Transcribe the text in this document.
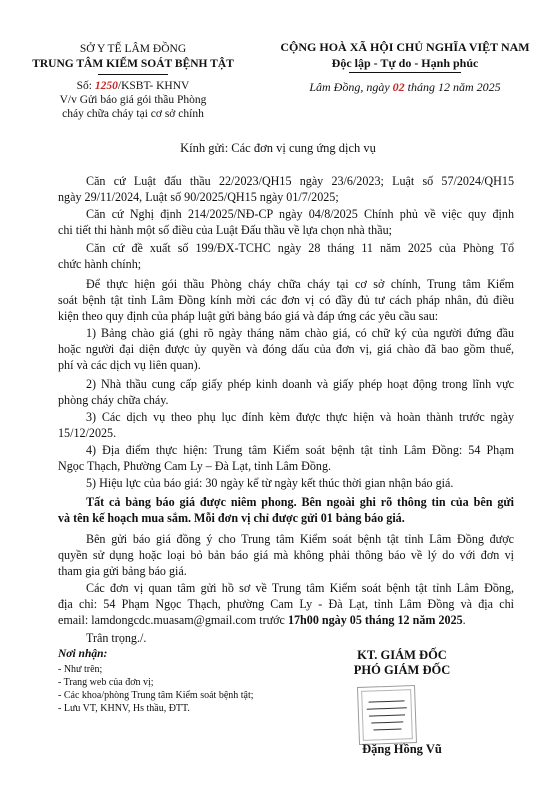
SỞ Y TẾ LÂM ĐỒNG
TRUNG TÂM KIỂM SOÁT BỆNH TẬT
Số: 1250/KSBT- KHNV
V/v Gửi báo giá gói thầu Phòng
cháy chữa cháy tại cơ sở chính
CỘNG HOÀ XÃ HỘI CHỦ NGHĨA VIỆT NAM
Độc lập - Tự do - Hạnh phúc
Lâm Đồng, ngày 02 tháng 12 năm 2025
Kính gửi: Các đơn vị cung ứng dịch vụ
Căn cứ Luật đấu thầu 22/2023/QH15 ngày 23/6/2023; Luật số 57/2024/QH15
ngày 29/11/2024, Luật số 90/2025/QH15 ngày 01/7/2025;
Căn cứ Nghị định 214/2025/NĐ-CP ngày 04/8/2025 Chính phủ về việc quy định
chi tiết thi hành một số điều của Luật Đấu thầu về lựa chọn nhà thầu;
Căn cứ đề xuất số 199/ĐX-TCHC ngày 28 tháng 11 năm 2025 của Phòng Tổ
chức hành chính;
Để thực hiện gói thầu Phòng cháy chữa cháy tại cơ sở chính, Trung tâm Kiểm
soát bệnh tật tỉnh Lâm Đồng kính mời các đơn vị có đầy đủ tư cách pháp nhân, đủ điều
kiện theo quy định của pháp luật gửi bảng báo giá và đáp ứng các yêu cầu sau:
1) Bảng chào giá (ghi rõ ngày tháng năm chào giá, có chữ ký của người đứng đầu
hoặc người đại diện được ủy quyền và đóng dấu của đơn vị, giá chào đã bao gồm thuế,
phí và các dịch vụ liên quan).
2) Nhà thầu cung cấp giấy phép kinh doanh và giấy phép hoạt động trong lĩnh vực
phòng cháy chữa cháy.
3) Các dịch vụ theo phụ lục đính kèm được thực hiện và hoàn thành trước ngày
15/12/2025.
4) Địa điểm thực hiện: Trung tâm Kiểm soát bệnh tật tỉnh Lâm Đồng: 54 Phạm
Ngọc Thạch, Phường Cam Ly – Đà Lạt, tỉnh Lâm Đồng.
5) Hiệu lực của báo giá: 30 ngày kể từ ngày kết thúc thời gian nhận báo giá.
Tất cả bảng báo giá được niêm phong. Bên ngoài ghi rõ thông tin của bên gửi
và tên kế hoạch mua sắm. Mỗi đơn vị chỉ được gửi 01 bảng báo giá.
Bên gửi báo giá đồng ý cho Trung tâm Kiểm soát bệnh tật tỉnh Lâm Đồng được
quyền sử dụng hoặc loại bỏ bản báo giá mà không phải thông báo về lý do với đơn vị
tham gia gửi bảng báo giá.
Các đơn vị quan tâm gửi hồ sơ về Trung tâm Kiểm soát bệnh tật tỉnh Lâm Đồng,
địa chỉ: 54 Phạm Ngọc Thạch, phường Cam Ly - Đà Lạt, tỉnh Lâm Đồng và địa chỉ
email: lamdongcdc.muasam@gmail.com trước 17h00 ngày 05 tháng 12 năm 2025.
Trân trọng./.
Nơi nhận:
- Như trên;
- Trang web của đơn vị;
- Các khoa/phòng Trung tâm Kiểm soát bệnh tật;
- Lưu VT, KHNV, Hs thầu, ĐTT.
KT. GIÁM ĐỐC
PHÓ GIÁM ĐỐC
Đặng Hồng Vũ
